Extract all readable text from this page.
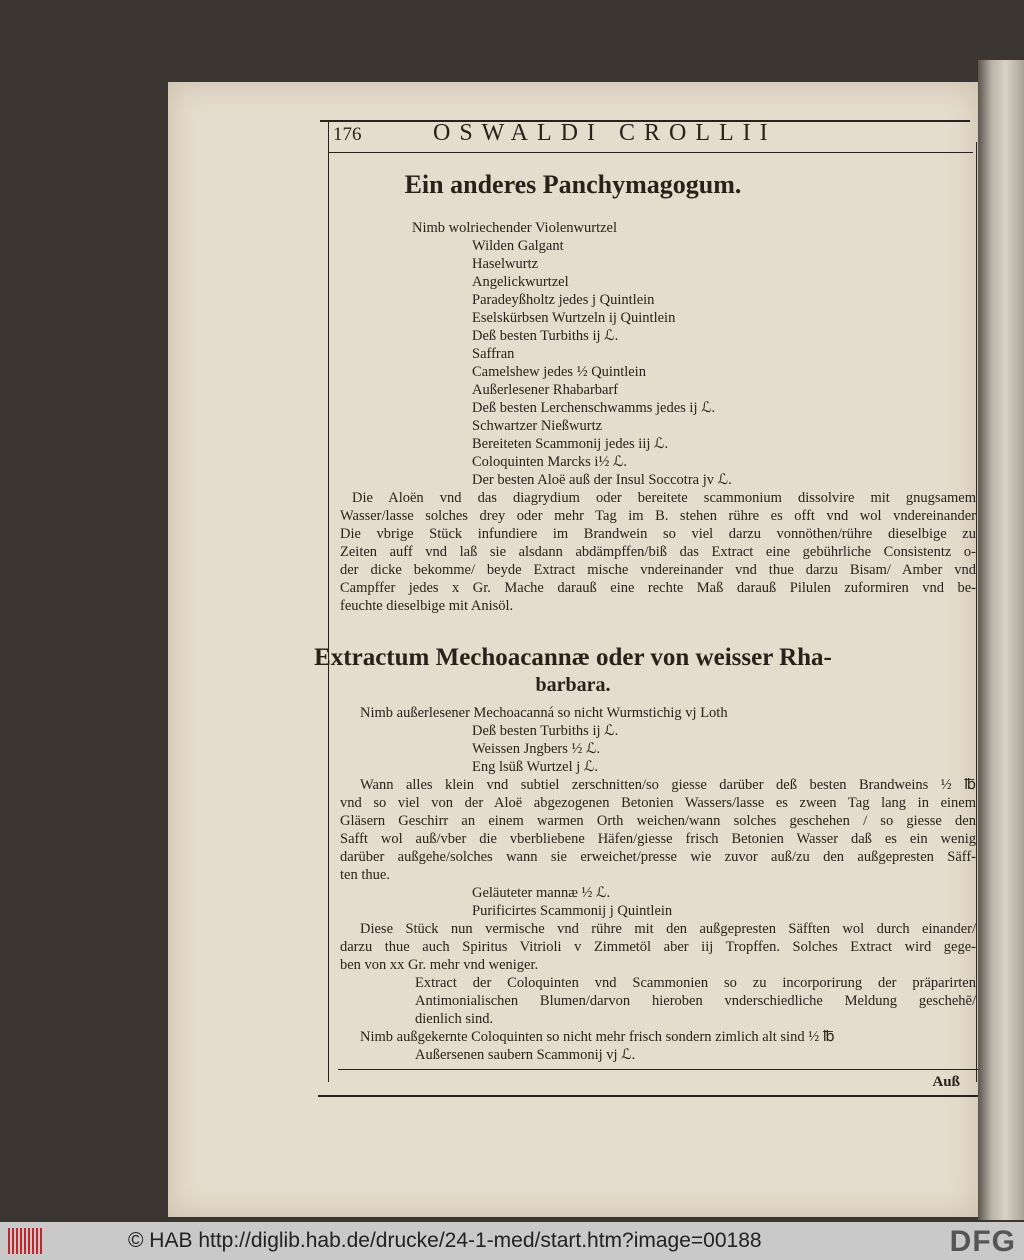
176	OSWALDI CROLLII
Ein anderes Panchymagogum.
Nimb wolriechender Violenwurtzel
Wilden Galgant
Haselwurtz
Angelickwurtzel
Paradeyßholtz jedes j Quintlein
Eselskürbsen Wurtzeln ij Quintlein
Deß besten Turbiths ij ℒ.
Saffran
Camelshew jedes ½ Quintlein
Außerlesener Rhabarbarf
Deß besten Lerchenschwamms jedes ij ℒ.
Schwartzer Nießwurtz
Bereiteten Scammonij jedes iij ℒ.
Coloquinten Marcks i½ ℒ.
Der besten Aloë auß der Insul Soccotra jv ℒ.
Die Aloën vnd das diagrydium oder bereitete scammonium dissolvire mit gnugsamem
Wasser/lasse solches drey oder mehr Tag im B. stehen rühre es offt vnd wol vndereinander
Die vbrige Stück infundiere im Brandwein so viel darzu vonnöthen/rühre dieselbige zu
Zeiten auff vnd laß sie alsdann abdämpffen/biß das Extract eine gebührliche Consistentz o-
der dicke bekomme/ beyde Extract mische vndereinander vnd thue darzu Bisam/ Amber vnd
Campffer jedes x Gr. Mache darauß eine rechte Maß darauß Pilulen zuformiren vnd be-
feuchte dieselbige mit Anisöl.
Extractum Mechoacannæ oder von weisser Rha-
barbara.
Nimb außerlesener Mechoacanná so nicht Wurmstichig vj Loth
Deß besten Turbiths ij ℒ.
Weissen Jngbers ½ ℒ.
Eng lsüß Wurtzel j ℒ.
Wann alles klein vnd subtiel zerschnitten/so giesse darüber deß besten Brandweins ½ ℔
vnd so viel von der Aloë abgezogenen Betonien Wassers/lasse es zween Tag lang in einem
Gläsern Geschirr an einem warmen Orth weichen/wann solches geschehen / so giesse den
Safft wol auß/vber die vberbliebene Häfen/giesse frisch Betonien Wasser daß es ein wenig
darüber außgehe/solches wann sie erweichet/presse wie zuvor auß/zu den außgepresten Säff-
ten thue.
Geläuteter mannæ ½ ℒ.
Purificirtes Scammonij j Quintlein
Diese Stück nun vermische vnd rühre mit den außgepresten Säfften wol durch einander/
darzu thue auch Spiritus Vitrioli v Zimmetöl aber iij Tropffen. Solches Extract wird gege-
ben von xx Gr. mehr vnd weniger.
Extract der Coloquinten vnd Scammonien so zu incorporirung der präparirten
Antimonialischen Blumen/darvon hieroben vnderschiedliche Meldung geschehē/
dienlich sind.
Nimb außgekernte Coloquinten so nicht mehr frisch sondern zimlich alt sind ½ ℔
Außersenen saubern Scammonij vj ℒ.
Auß
© HAB http://diglib.hab.de/drucke/24-1-med/start.htm?image=00188	DFG
